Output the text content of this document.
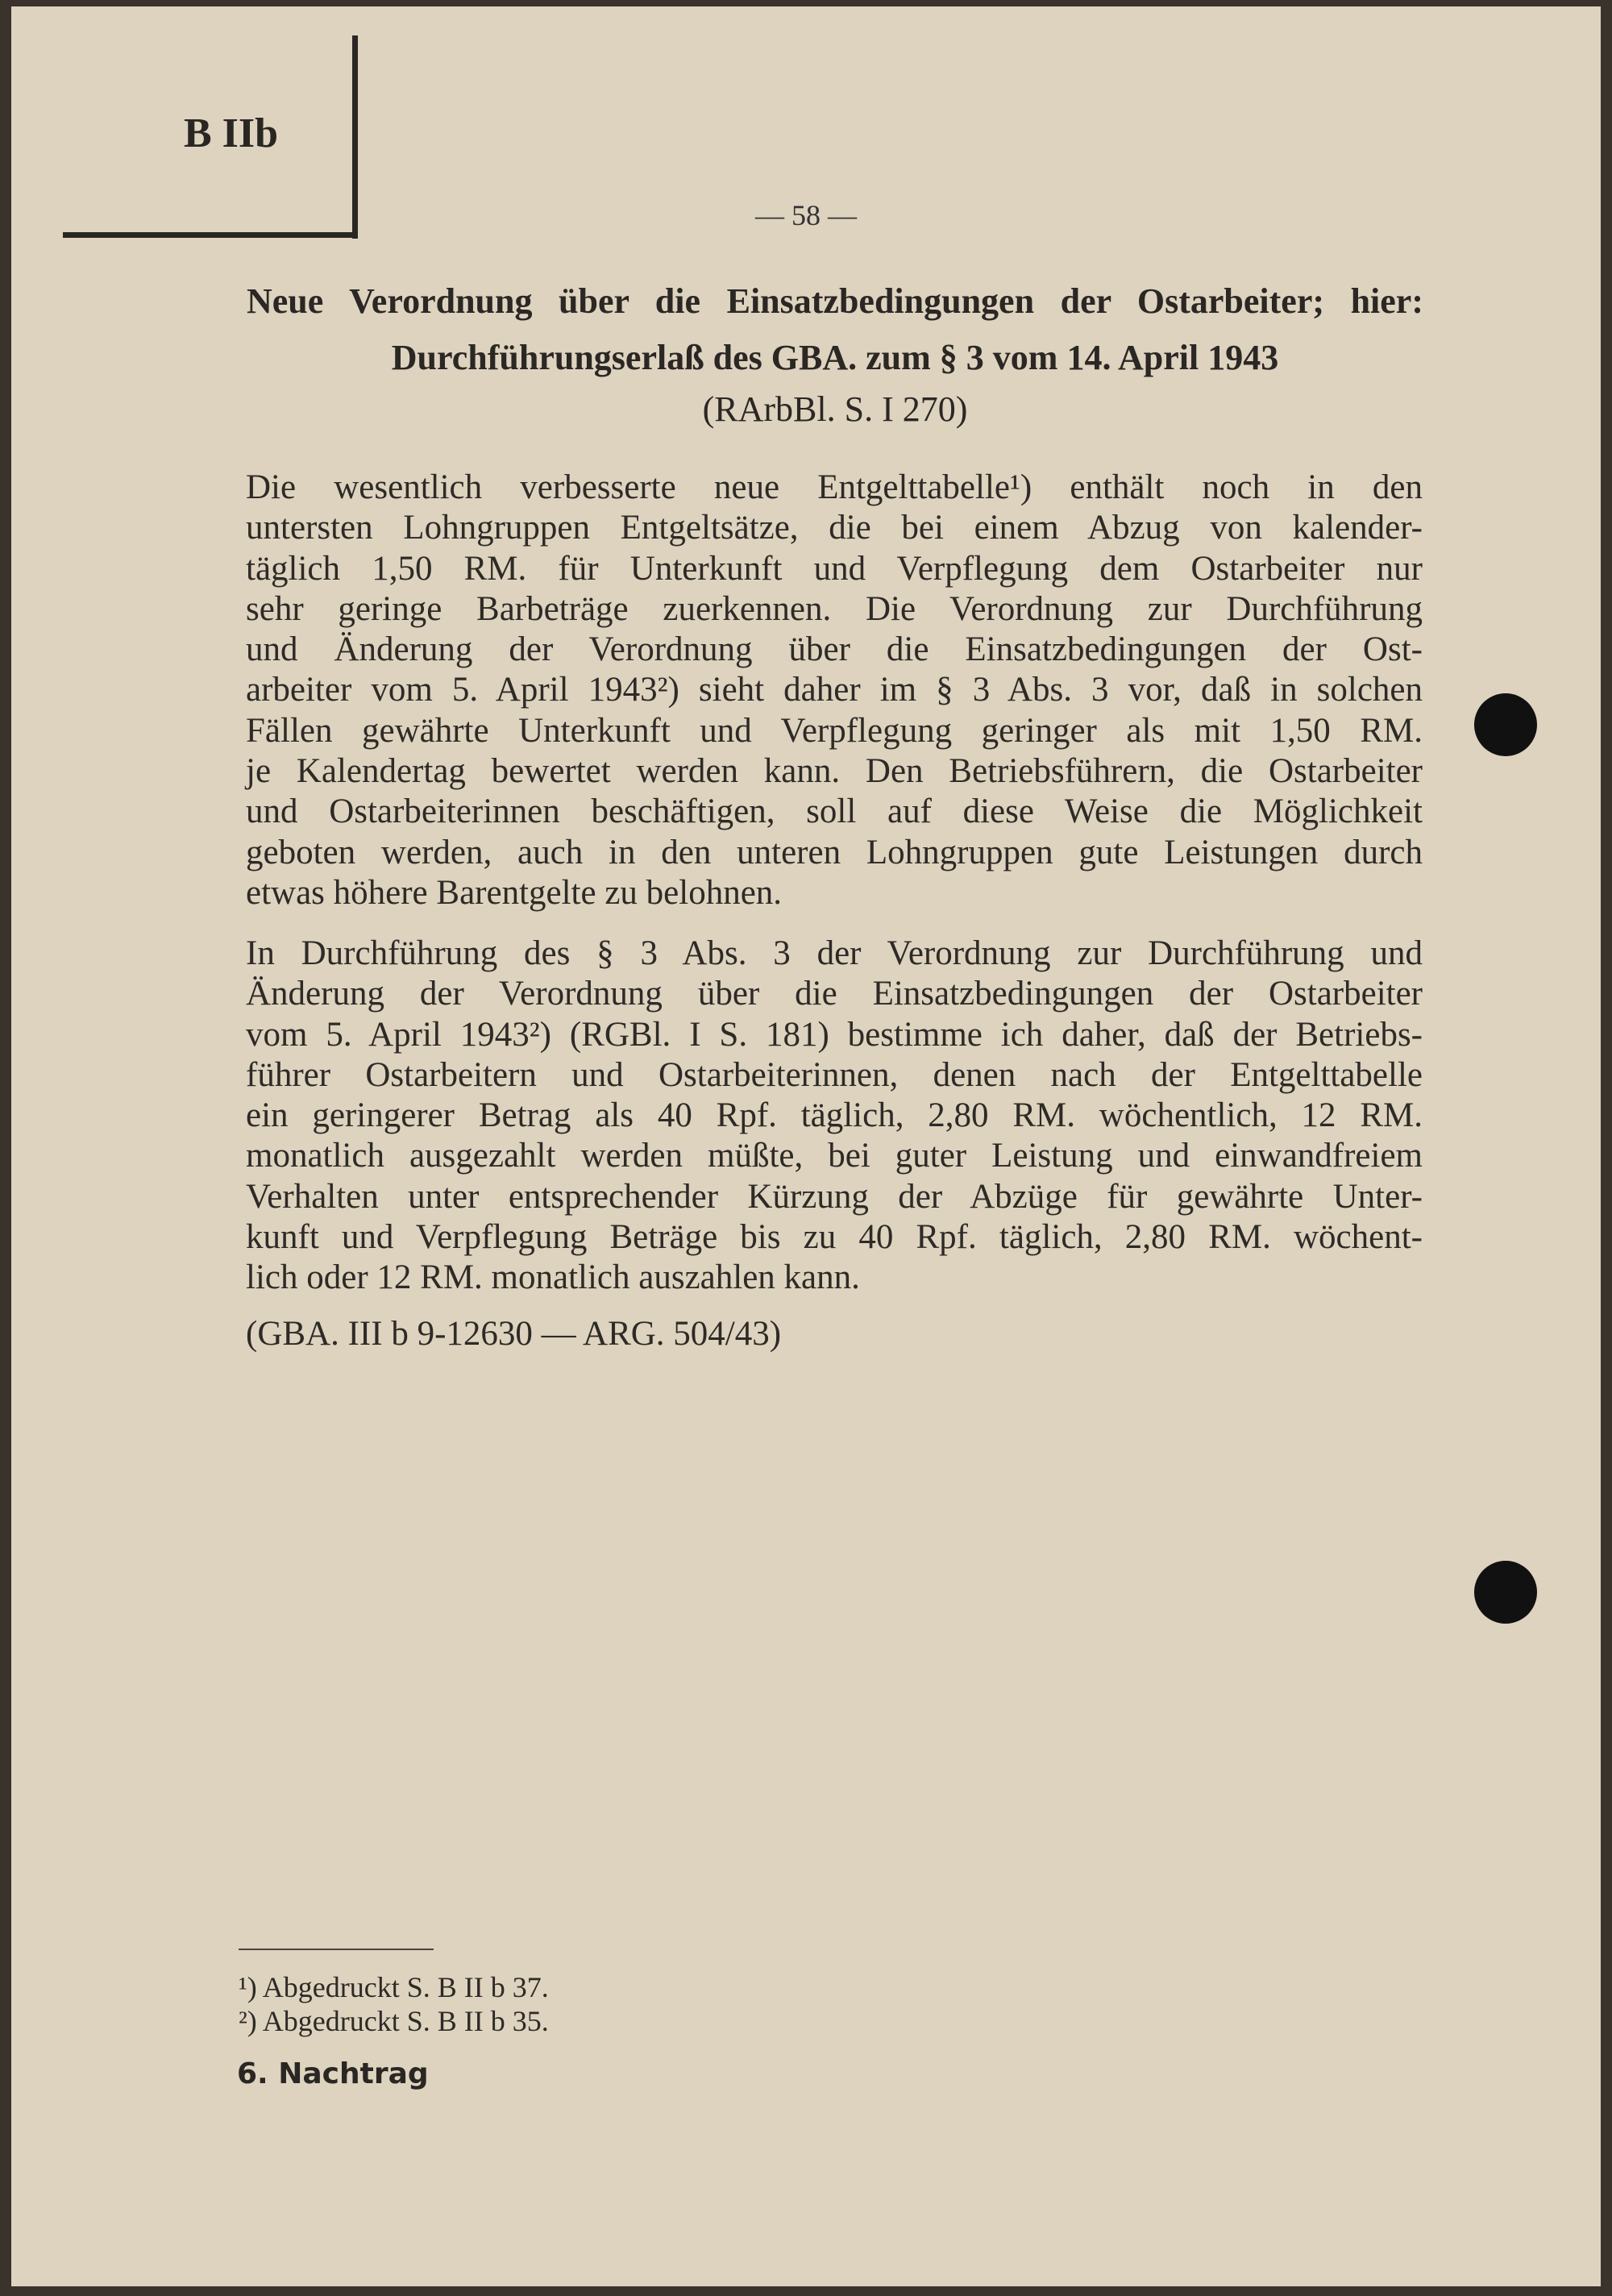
B IIb
— 58 —
Neue Verordnung über die Einsatzbedingungen der Ostarbeiter; hier:
Durchführungserlaß des GBA. zum § 3 vom 14. April 1943
(RArbBl. S. I 270)
Die wesentlich verbesserte neue Entgelttabelle¹) enthält noch in den
untersten Lohngruppen Entgeltsätze, die bei einem Abzug von kalender-
täglich 1,50 RM. für Unterkunft und Verpflegung dem Ostarbeiter nur
sehr geringe Barbeträge zuerkennen. Die Verordnung zur Durchführung
und Änderung der Verordnung über die Einsatzbedingungen der Ost-
arbeiter vom 5. April 1943²) sieht daher im § 3 Abs. 3 vor, daß in solchen
Fällen gewährte Unterkunft und Verpflegung geringer als mit 1,50 RM.
je Kalendertag bewertet werden kann. Den Betriebsführern, die Ostarbeiter
und Ostarbeiterinnen beschäftigen, soll auf diese Weise die Möglichkeit
geboten werden, auch in den unteren Lohngruppen gute Leistungen durch
etwas höhere Barentgelte zu belohnen.
In Durchführung des § 3 Abs. 3 der Verordnung zur Durchführung und
Änderung der Verordnung über die Einsatzbedingungen der Ostarbeiter
vom 5. April 1943²) (RGBl. I S. 181) bestimme ich daher, daß der Betriebs-
führer Ostarbeitern und Ostarbeiterinnen, denen nach der Entgelttabelle
ein geringerer Betrag als 40 Rpf. täglich, 2,80 RM. wöchentlich, 12 RM.
monatlich ausgezahlt werden müßte, bei guter Leistung und einwandfreiem
Verhalten unter entsprechender Kürzung der Abzüge für gewährte Unter-
kunft und Verpflegung Beträge bis zu 40 Rpf. täglich, 2,80 RM. wöchent-
lich oder 12 RM. monatlich auszahlen kann.
(GBA. III b 9-12630 — ARG. 504/43)
¹) Abgedruckt S. B II b 37.
²) Abgedruckt S. B II b 35.
6. Nachtrag
